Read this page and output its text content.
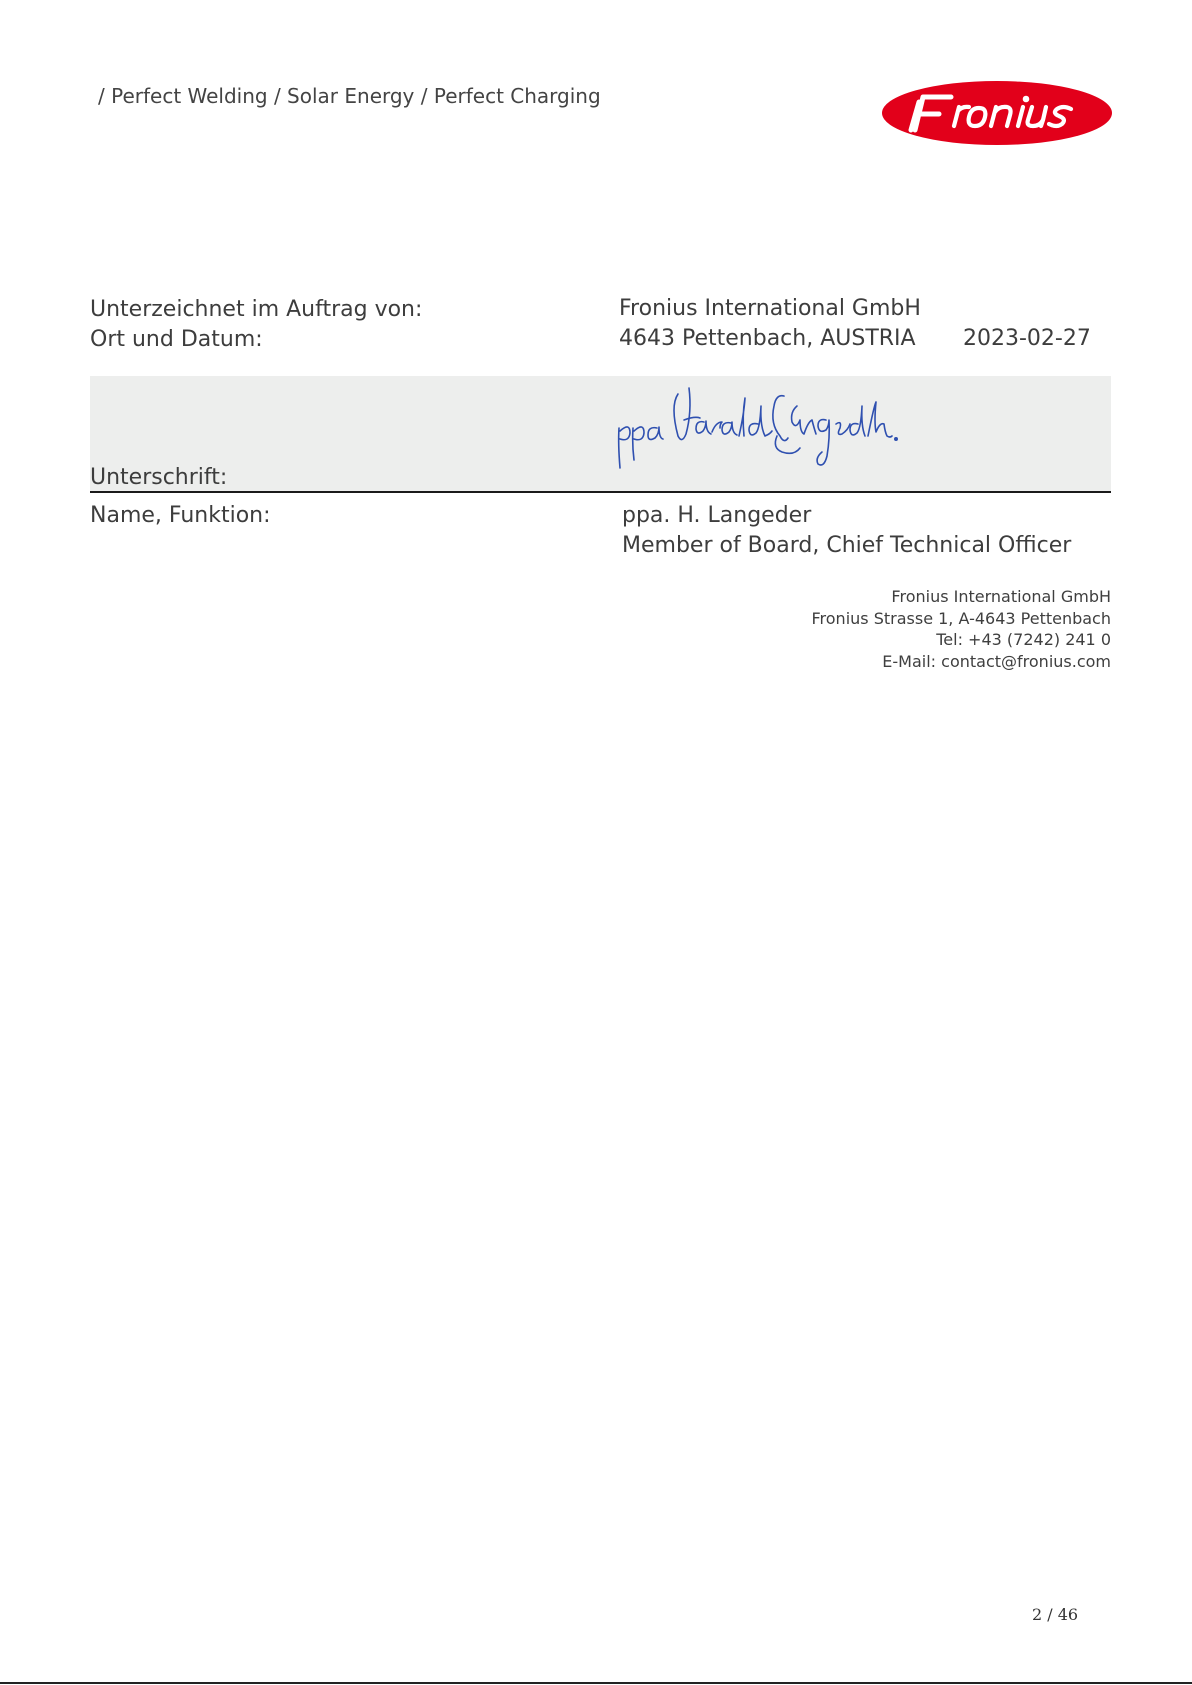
/ Perfect Welding / Solar Energy / Perfect Charging
Unterzeichnet im Auftrag von:	Fronius International GmbH
Ort und Datum:	4643 Pettenbach, AUSTRIA 2023-02-27
Unterschrift:
Name, Funktion:	ppa. H. Langeder
Member of Board, Chief Technical Officer
Fronius International GmbH
Fronius Strasse 1, A-4643 Pettenbach
Tel: +43 (7242) 241 0
E-Mail: contact@fronius.com
2 / 46
